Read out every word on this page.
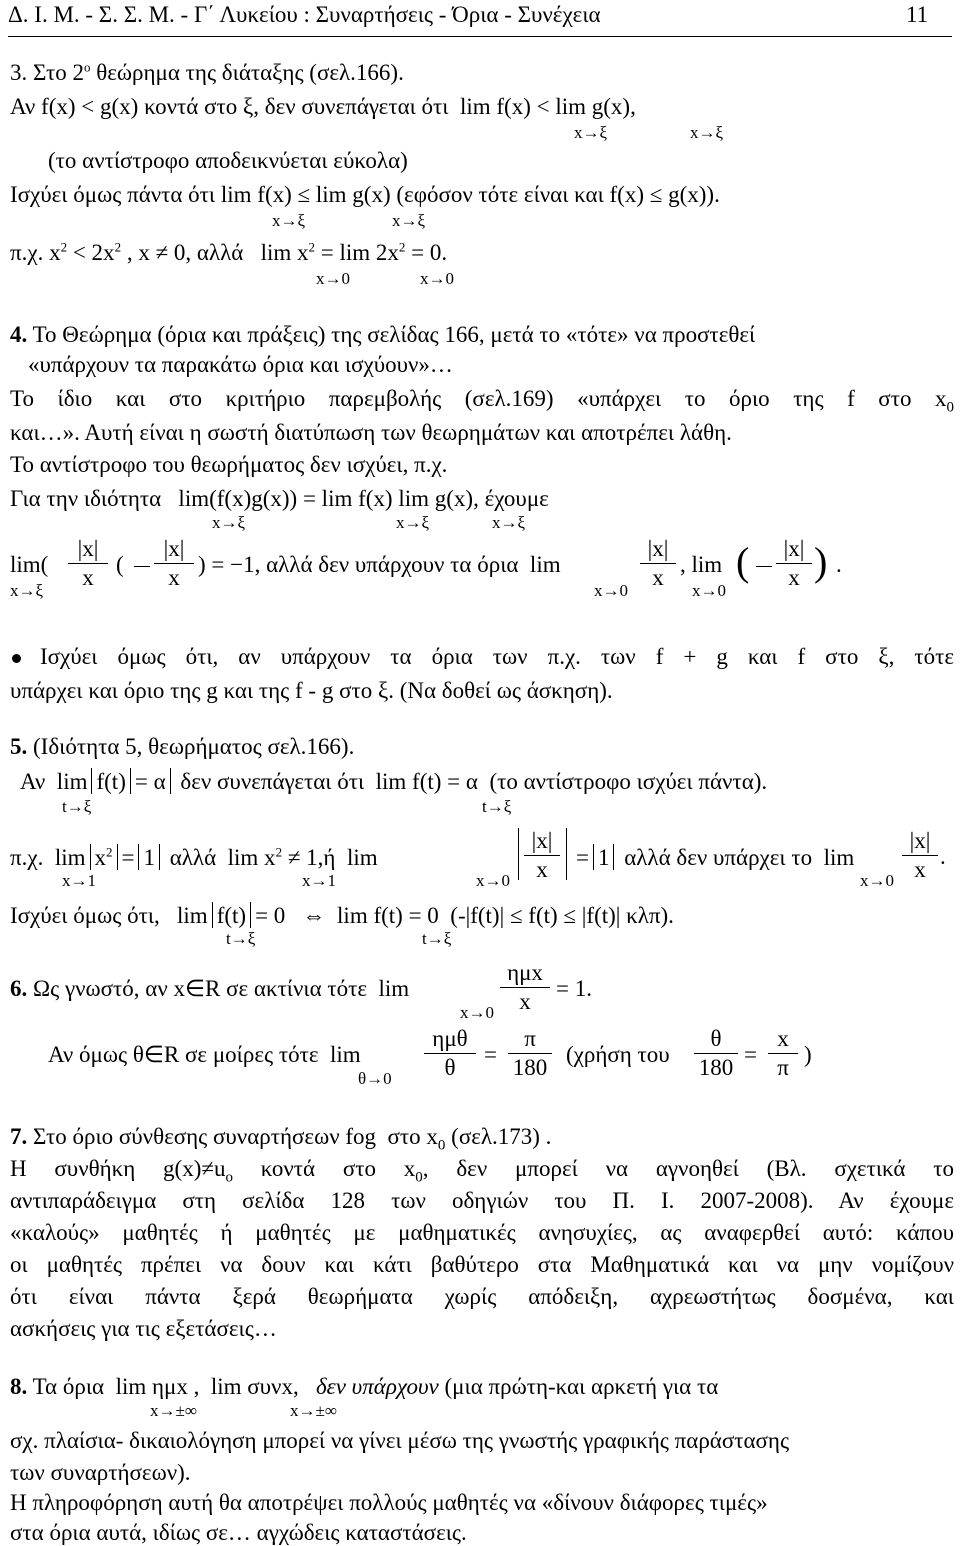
Δ. Ι. Μ. - Σ. Σ. Μ. - Γ΄ Λυκείου : Συναρτήσεις - Όρια - Συνέχεια	11
3. Στο $2^o$ θεώρημα της διάταξης (σελ.166).
Αν f(x) < g(x) κοντά στο ξ, δεν συνεπάγεται ότι  lim f(x) < lim g(x),
x→ξ	x→ξ
(το αντίστροφο αποδεικνύεται εύκολα)
Ισχύει όμως πάντα ότι lim f(x) ≤ lim g(x) (εφόσον τότε είναι και f(x) ≤ g(x)).
x→ξ	x→ξ
π.χ. $x^2 < 2x^2$ , x ≠ 0, αλλά   $\lim x^2 = \lim 2x^2 = 0$.
x→0	x→0
4. Το Θεώρημα (όρια και πράξεις) της σελίδας 166, μετά το «τότε» να προστεθεί
«υπάρχουν τα παρακάτω όρια και ισχύουν»…
Το ίδιο και στο κριτήριο παρεμβολής (σελ.169) «υπάρχει το όριο της f στο $x_0$
και…». Αυτή είναι η σωστή διατύπωση των θεωρημάτων και αποτρέπει λάθη.
Το αντίστροφο του θεωρήματος δεν ισχύει, π.χ.
Για την ιδιότητα   lim(f(x)g(x)) = lim f(x) lim g(x), έχουμε
x→ξ	x→ξ	x→ξ
lim(
x→ξ
|x|
x
(
|x|
x
) = −1, αλλά δεν υπάρχουν τα όρια  lim
|x|
x
, lim (	|x|
x ) .
x→0	x→0
Ισχύει όμως ότι, αν υπάρχουν τα όρια των π.χ. των f + g και f στο ξ, τότε
υπάρχει και όριο της g και της f - g στο ξ. (Να δοθεί ως άσκηση).
5. (Ιδιότητα 5, θεωρήματος σελ.166).
Αν  lim f(t) = α δεν συνεπάγεται ότι  lim f(t) = α  (το αντίστροφο ισχύει πάντα).
t→ξ	t→ξ
π.χ.  $\lim x^2 = 1$ αλλά  $\lim x^2 \ne 1,ή$  lim
x→1	x→1	x→0
|x|
x	= 1 αλλά δεν υπάρχει το  lim
x→0
|x|
x
.
Ισχύει όμως ότι,   lim f(t) = 0   ⇔  lim f(t) = 0  (-|f(t)| ≤ f(t) ≤ |f(t)| κλπ).
t→ξ	t→ξ
6. Ως γνωστό, αν x∈R σε ακτίνια τότε  lim
x→0
ημx
x
= 1.
Αν όμως θ∈R σε μοίρες τότε  lim
θ→0
ημθ
θ
=
π
180
(χρήση του
θ
180
=
x
π
)
7. Στο όριο σύνθεσης συναρτήσεων fog  στο $x_0$ (σελ.173) .
Η συνθήκη $g(x)\ne u_o$ κοντά στο $x_0$, δεν μπορεί να αγνοηθεί (Βλ. σχετικά το
αντιπαράδειγμα στη σελίδα 128 των οδηγιών του Π. Ι. 2007-2008). Αν έχουμε
«καλούς» μαθητές ή μαθητές με μαθηματικές ανησυχίες, ας αναφερθεί αυτό: κάπου
οι μαθητές πρέπει να δουν και κάτι βαθύτερο στα Μαθηματικά και να μην νομίζουν
ότι είναι πάντα ξερά θεωρήματα χωρίς απόδειξη, αχρεωστήτως δοσμένα, και
ασκήσεις για τις εξετάσεις…
8. Τα όρια  lim ημx ,  lim συνx,   δεν υπάρχουν (μια πρώτη-και αρκετή για τα
x→±∞	x→±∞
σχ. πλαίσια- δικαιολόγηση μπορεί να γίνει μέσω της γνωστής γραφικής παράστασης
των συναρτήσεων).
Η πληροφόρηση αυτή θα αποτρέψει πολλούς μαθητές να «δίνουν διάφορες τιμές»
στα όρια αυτά, ιδίως σε… αγχώδεις καταστάσεις.
